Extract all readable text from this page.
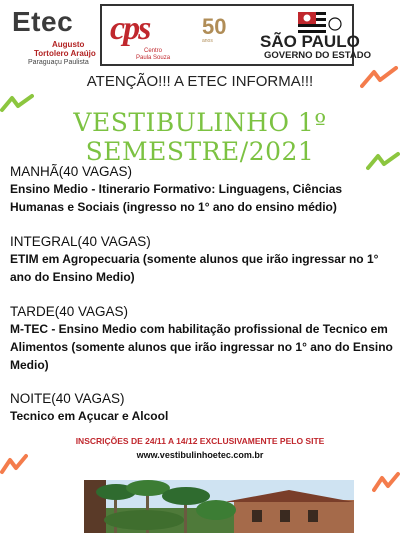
Etec
Augusto
Tortolero Araújo
Paraguaçu Paulista
cps
Centro
Paula Souza
50
anos	SÃO PAULO
GOVERNO DO ESTADO
ATENÇÃO!!! A ETEC INFORMA!!!
VESTIBULINHO 1º SEMESTRE/2021
MANHÃ(40 VAGAS)
Ensino Medio - Itinerario Formativo: Linguagens, Ciências Humanas e Sociais (ingresso no 1° ano do ensino médio)
INTEGRAL(40 VAGAS)
ETIM em Agropecuaria (somente alunos que irão ingressar no 1° ano do Ensino Medio)
TARDE(40 VAGAS)
M-TEC - Ensino Medio com habilitação profissional de Tecnico em Alimentos (somente alunos que irão ingressar no 1° ano do Ensino Medio)
NOITE(40 VAGAS)
Tecnico em Açucar e Alcool
INSCRIÇÕES DE 24/11 A 14/12 EXCLUSIVAMENTE PELO SITE
www.vestibulinhoetec.com.br
